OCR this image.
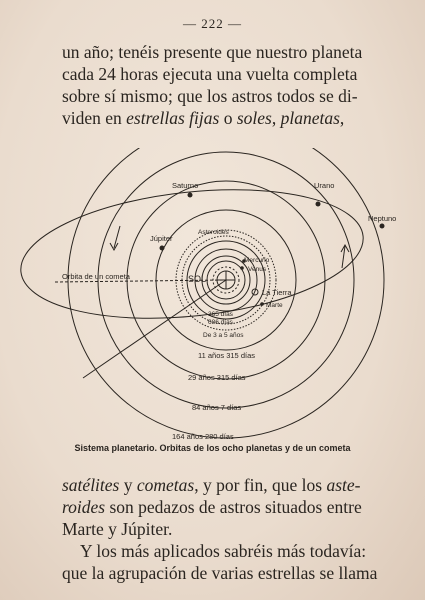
— 222 —
un año; tenéis presente que nuestro planeta
cada 24 horas ejecuta una vuelta completa
sobre sí mismo; que los astros todos se di-
viden en estrellas fijas o soles, planetas,
Saturno	Urano
Neptuno
Júpiter
Asteroides
Mercurio
Venus
SOL
La Tierra
Marte
Orbita de un cometa
365 días
686 días
De 3 a 5 años
11 años 315 días
29 años 315 días
84 años 7 días
164 años 280 días
Sistema planetario. Orbitas de los ocho planetas y de un cometa
satélites y cometas, y por fin, que los aste-
roides son pedazos de astros situados entre
Marte y Júpiter.
Y los más aplicados sabréis más todavía:
que la agrupación de varias estrellas se llama
